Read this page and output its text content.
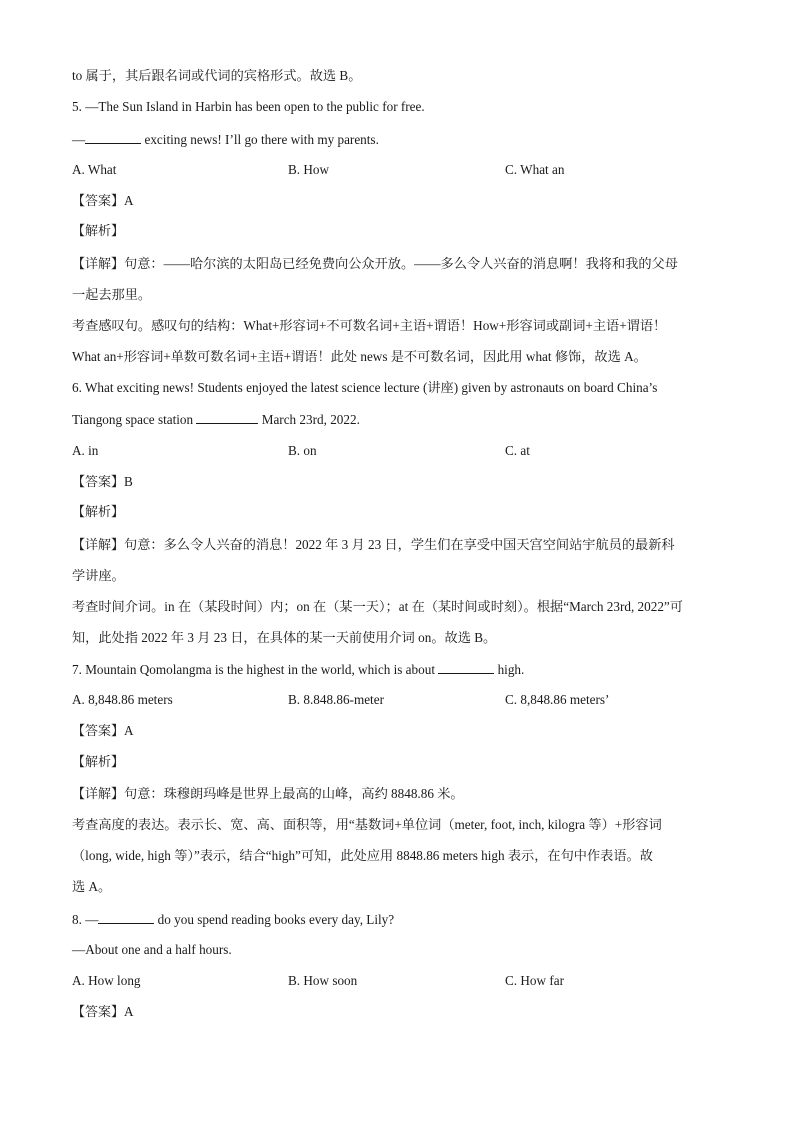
to 属于，其后跟名词或代词的宾格形式。故选 B。
5. —The Sun Island in Harbin has been open to the public for free.
—	exciting news! I’ll go there with my parents.
A. What	B. How	C. What an
【答案】A
【解析】
【详解】句意：——哈尔滨的太阳岛已经免费向公众开放。——多么令人兴奋的消息啊！我将和我的父母
一起去那里。
考查感叹句。感叹句的结构：What+形容词+不可数名词+主语+谓语！How+形容词或副词+主语+谓语！
What an+形容词+单数可数名词+主语+谓语！此处 news 是不可数名词，因此用 what 修饰，故选 A。
6. What exciting news! Students enjoyed the latest science lecture (讲座) given by astronauts on board China’s
Tiangong space station	March 23rd, 2022.
A. in	B. on	C. at
【答案】B
【解析】
【详解】句意：多么令人兴奋的消息！2022 年 3 月 23 日，学生们在享受中国天宫空间站宇航员的最新科
学讲座。
考查时间介词。in 在（某段时间）内；on 在（某一天）；at 在（某时间或时刻）。根据“March 23rd, 2022”可
知，此处指 2022 年 3 月 23 日，在具体的某一天前使用介词 on。故选 B。
7. Mountain Qomolangma is the highest in the world, which is about	high.
A. 8,848.86 meters	B. 8.848.86-meter	C. 8,848.86 meters’
【答案】A
【解析】
【详解】句意：珠穆朗玛峰是世界上最高的山峰，高约 8848.86 米。
考查高度的表达。表示长、宽、高、面积等，用“基数词+单位词（meter, foot, inch, kilogra 等）+形容词
（long, wide, high 等）”表示，结合“high”可知，此处应用 8848.86 meters high 表示，在句中作表语。故
选 A。
8. —	do you spend reading books every day, Lily?
—About one and a half hours.
A. How long	B. How soon	C. How far
【答案】A
